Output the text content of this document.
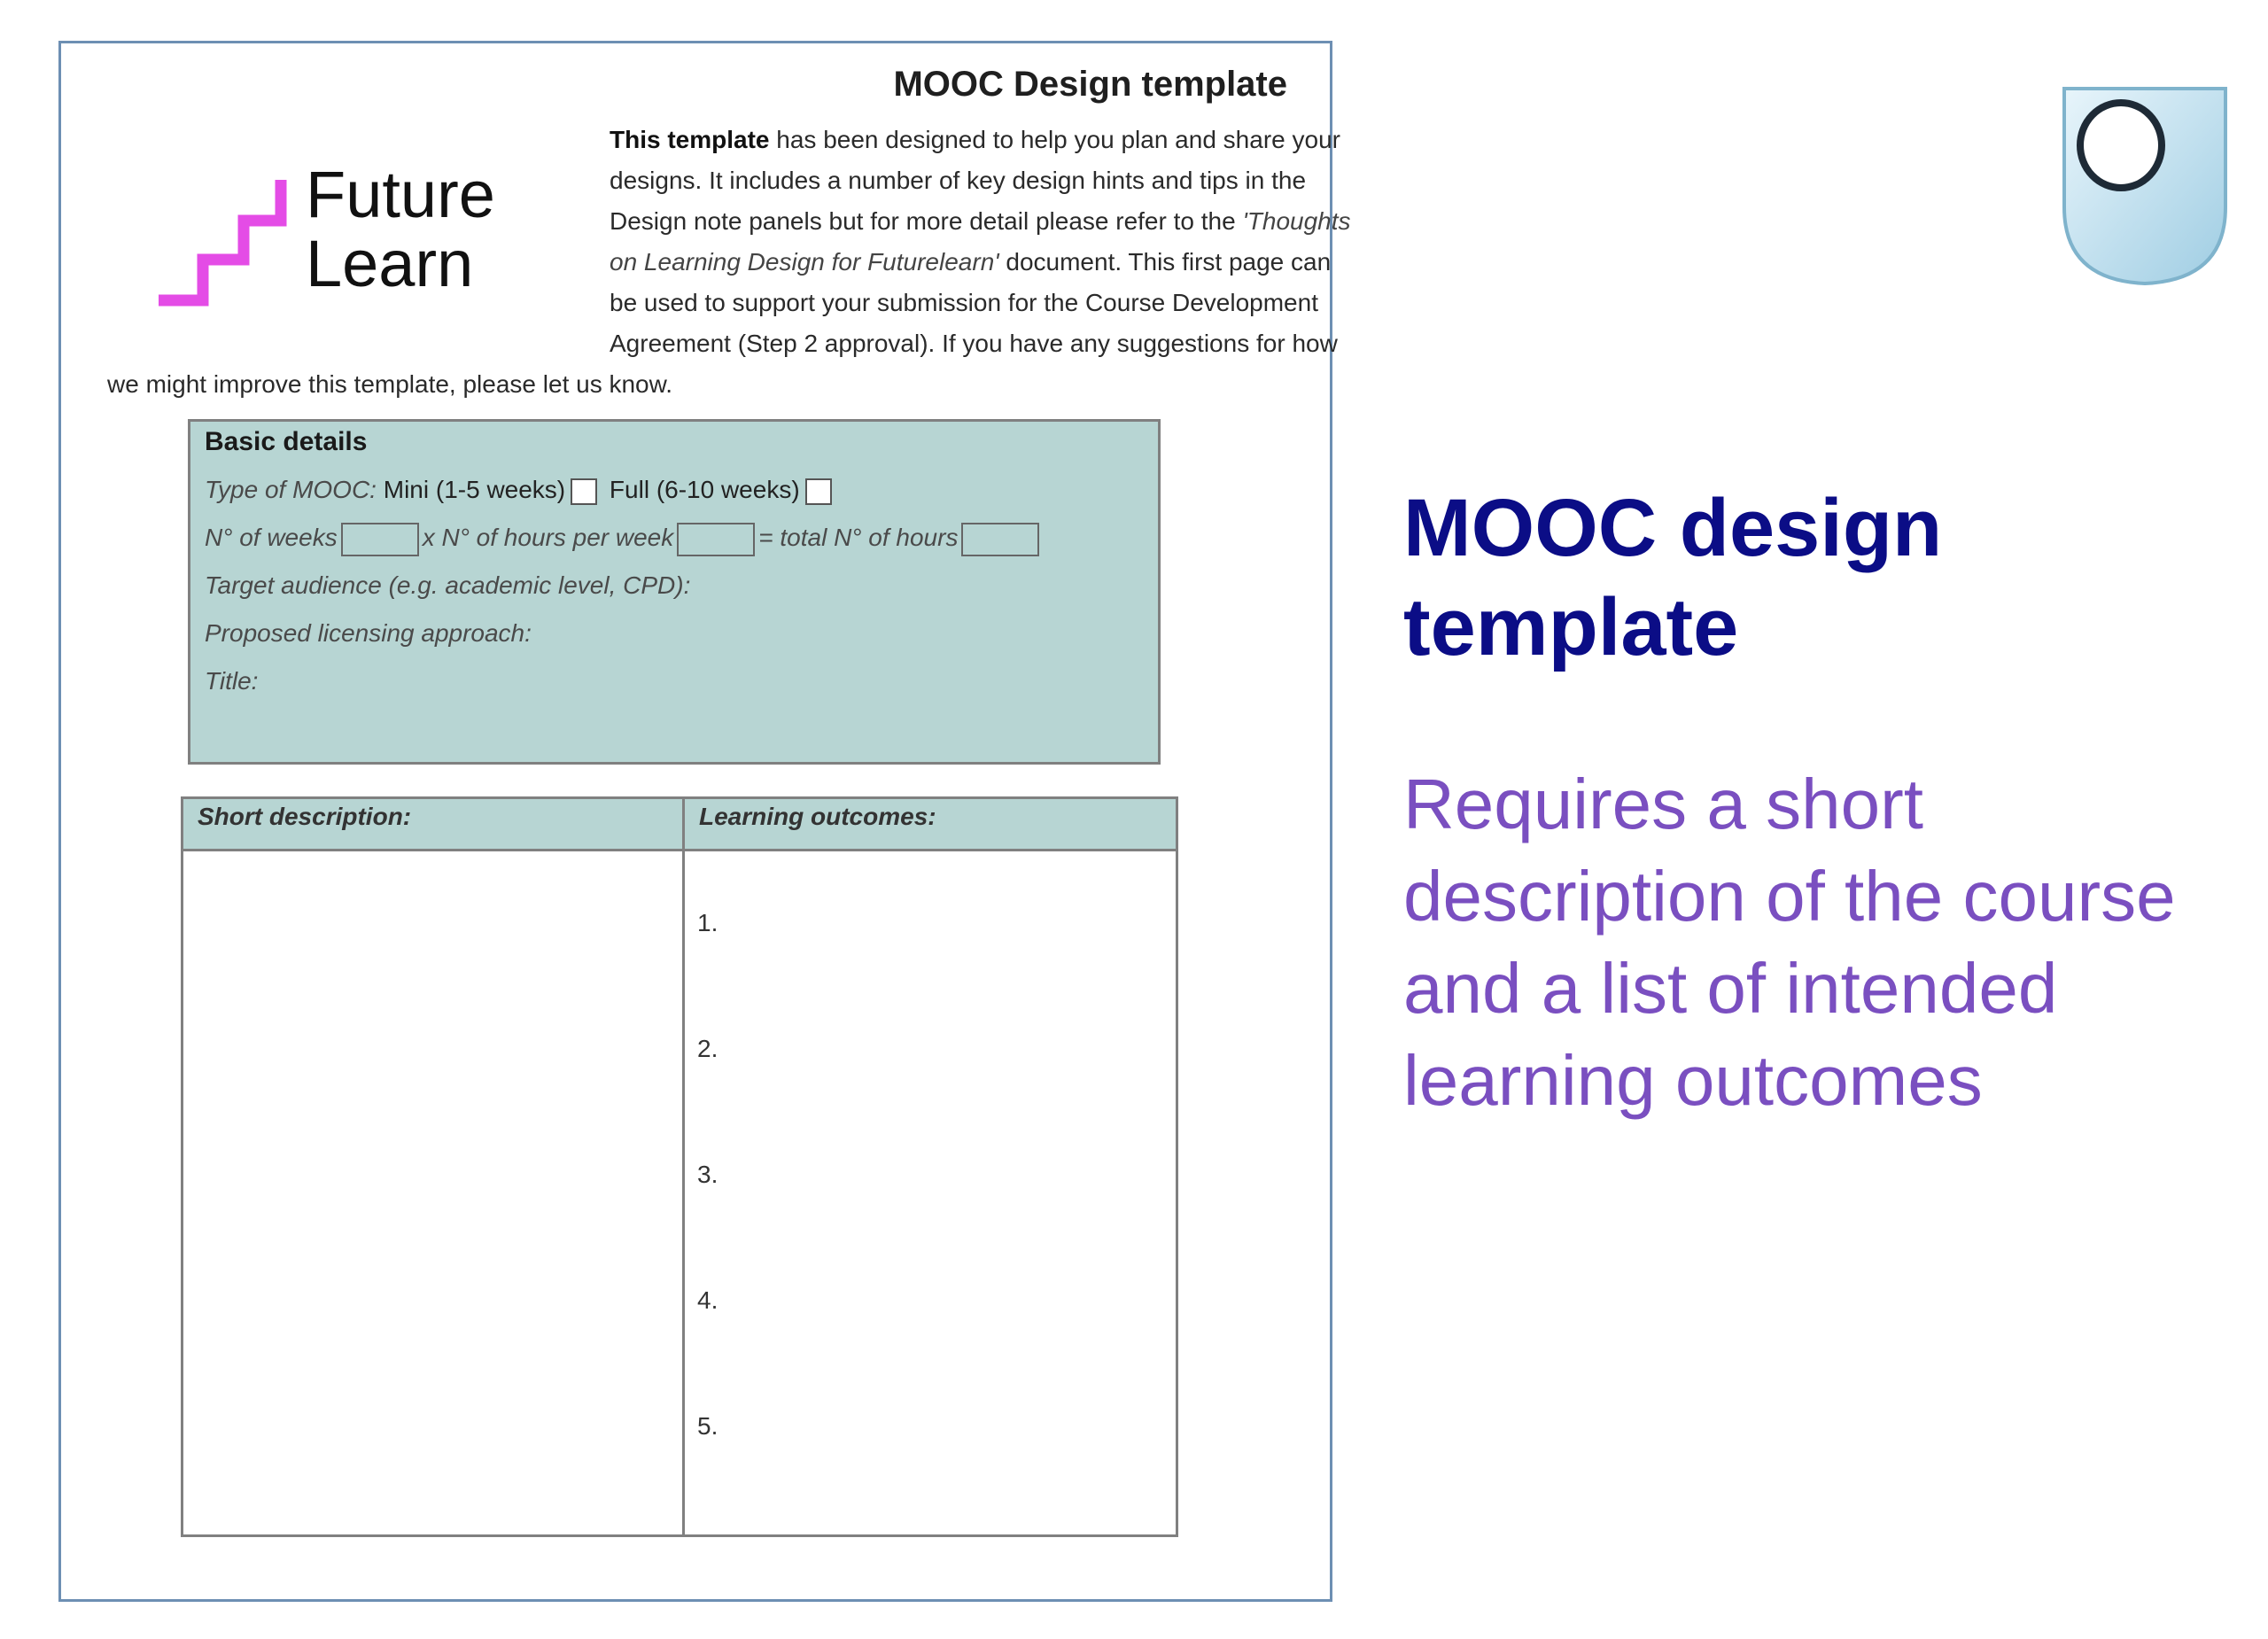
MOOC Design template
Future
Learn

This template has been designed to help you plan and share your designs. It includes a number of key design hints and tips in the Design note panels but for more detail please refer to the 'Thoughts on Learning Design for Futurelearn' document. This first page can be used to support your submission for the Course Development Agreement (Step 2 approval). If you have any suggestions for how we might improve this template, please let us know.

Basic details
Type of MOOC: Mini (1-5 weeks) Full (6-10 weeks)
N° of weeks	x N° of hours per week	= total N° of hours
Target audience (e.g. academic level, CPD):
Proposed licensing approach:
Title:
Short description:	Learning outcomes:
1.
2.
3.
4.
5.
MOOC design
template

Requires a short description of the course and a list of intended learning outcomes
